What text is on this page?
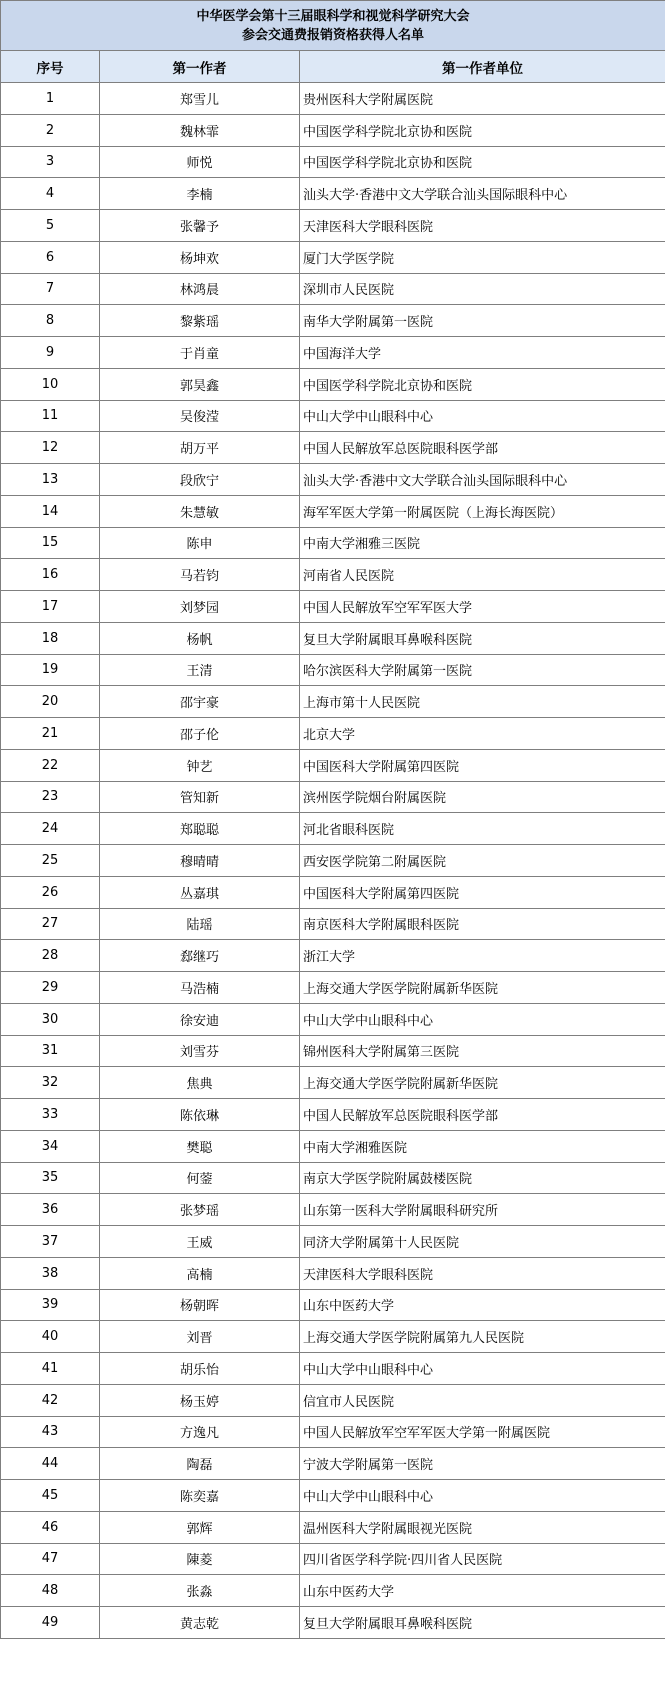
中华医学会第十三届眼科学和视觉科学研究大会
参会交通费报销资格获得人名单		

序号	第一作者	第一作者单位
1	郑雪儿	贵州医科大学附属医院
2	魏林霏	中国医学科学院北京协和医院
3	师悦	中国医学科学院北京协和医院
4	李楠	汕头大学·香港中文大学联合汕头国际眼科中心
5	张馨予	天津医科大学眼科医院
6	杨坤欢	厦门大学医学院
7	林鸿晨	深圳市人民医院
8	黎紫瑶	南华大学附属第一医院
9	于肖童	中国海洋大学
10	郭昊鑫	中国医学科学院北京协和医院
11	吴俊滢	中山大学中山眼科中心
12	胡万平	中国人民解放军总医院眼科医学部
13	段欣宁	汕头大学·香港中文大学联合汕头国际眼科中心
14	朱慧敏	海军军医大学第一附属医院（上海长海医院）
15	陈申	中南大学湘雅三医院
16	马若钧	河南省人民医院
17	刘梦园	中国人民解放军空军军医大学
18	杨帆	复旦大学附属眼耳鼻喉科医院
19	王清	哈尔滨医科大学附属第一医院
20	邵宇豪	上海市第十人民医院
21	邵子伦	北京大学
22	钟艺	中国医科大学附属第四医院
23	管知新	滨州医学院烟台附属医院
24	郑聪聪	河北省眼科医院
25	穆晴晴	西安医学院第二附属医院
26	丛嘉琪	中国医科大学附属第四医院
27	陆瑶	南京医科大学附属眼科医院
28	郄继巧	浙江大学
29	马浩楠	上海交通大学医学院附属新华医院
30	徐安迪	中山大学中山眼科中心
31	刘雪芬	锦州医科大学附属第三医院
32	焦典	上海交通大学医学院附属新华医院
33	陈依琳	中国人民解放军总医院眼科医学部
34	樊聪	中南大学湘雅医院
35	何蓥	南京大学医学院附属鼓楼医院
36	张梦瑶	山东第一医科大学附属眼科研究所
37	王威	同济大学附属第十人民医院
38	高楠	天津医科大学眼科医院
39	杨朝晖	山东中医药大学
40	刘晋	上海交通大学医学院附属第九人民医院
41	胡乐怡	中山大学中山眼科中心
42	杨玉婷	信宜市人民医院
43	方逸凡	中国人民解放军空军军医大学第一附属医院
44	陶磊	宁波大学附属第一医院
45	陈奕嘉	中山大学中山眼科中心
46	郭辉	温州医科大学附属眼视光医院
47	陳菱	四川省医学科学院·四川省人民医院
48	张淼	山东中医药大学
49	黄志乾	复旦大学附属眼耳鼻喉科医院
